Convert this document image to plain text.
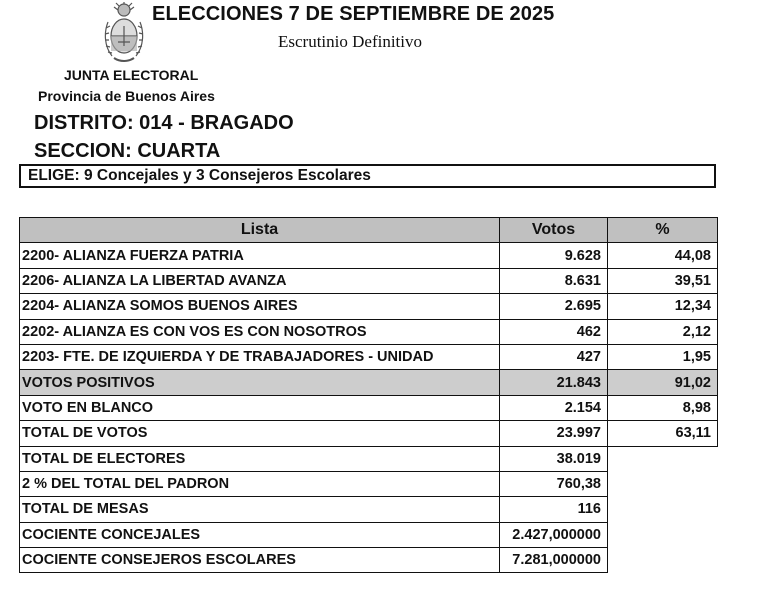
ELECCIONES 7 DE SEPTIEMBRE DE 2025
Escrutinio Definitivo
JUNTA ELECTORAL
Provincia de Buenos Aires
DISTRITO: 014 - BRAGADO
SECCION: CUARTA
ELIGE: 9 Concejales y 3 Consejeros Escolares
Lista	Votos	%
2200- ALIANZA FUERZA PATRIA	9.628	44,08
2206- ALIANZA LA LIBERTAD AVANZA	8.631	39,51
2204- ALIANZA SOMOS BUENOS AIRES	2.695	12,34
2202- ALIANZA ES CON VOS ES CON NOSOTROS	462	2,12
2203- FTE. DE IZQUIERDA Y DE TRABAJADORES - UNIDAD	427	1,95
VOTOS POSITIVOS	21.843	91,02
VOTO EN BLANCO	2.154	8,98
TOTAL DE VOTOS	23.997	63,11
TOTAL DE ELECTORES	38.019	
2 % DEL TOTAL DEL PADRON	760,38	
TOTAL DE MESAS	116	
COCIENTE CONCEJALES	2.427,000000	
COCIENTE CONSEJEROS ESCOLARES	7.281,000000	
